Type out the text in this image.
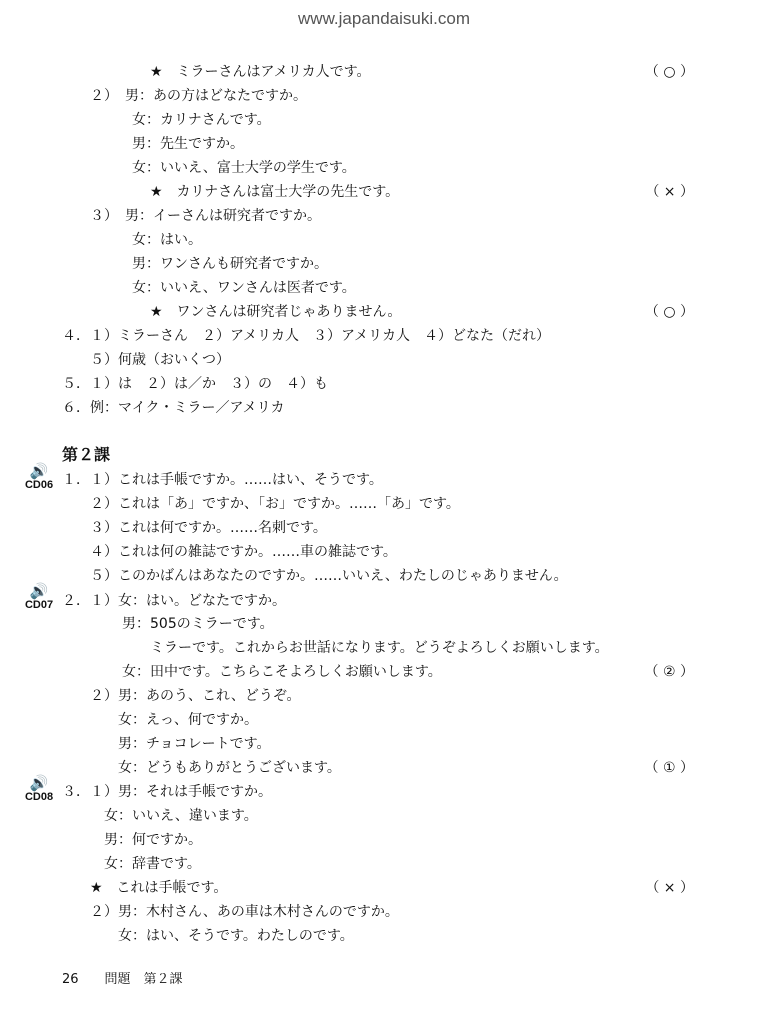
www.japandaisuki.com
　　★　ミラーさんはアメリカ人です。
２）　男：あの方はどなたですか。
　　　女：カリナさんです。
　　　男：先生ですか。
　　　女：いいえ、富士大学の学生です。
　　★　カリナさんは富士大学の先生です。
３）　男：イーさんは研究者ですか。
　　　女：はい。
　　　男：ワンさんも研究者ですか。
　　　女：いいえ、ワンさんは医者です。
　　★　ワンさんは研究者じゃありません。
４．１）ミラーさん　２）アメリカ人　３）アメリカ人　４）どなた（だれ）
５）何歳（おいくつ）
５．１）は　２）は／か　３）の　４）も
６．例：マイク・ミラー／アメリカ
１．１）これは手帳ですか。……はい、そうです。
２）これは「あ」ですか、「お」ですか。……「あ」です。
３）これは何ですか。……名刺です。
４）これは何の雑誌ですか。……車の雑誌です。
５）このかばんはあなたのですか。……いいえ、わたしのじゃありません。
２．１）女：はい。どなたですか。
男：505のミラーです。
　　ミラーです。これからお世話になります。どうぞよろしくお願いします。
女：田中です。こちらこそよろしくお願いします。
２）男：あのう、これ、どうぞ。
　　女：えっ、何ですか。
　　男：チョコレートです。
　　女：どうもありがとうございます。
３．１）男：それは手帳ですか。
　　　女：いいえ、違います。
　　　男：何ですか。
　　　女：辞書です。
　　★　これは手帳です。
２）男：木村さん、あの車は木村さんのですか。
　　女：はい、そうです。わたしのです。
（ ○ ）
（ × ）
（ ○ ）
（ ② ）
（ ① ）
（ × ）
第２課
🔊
CD06
🔊
CD07
🔊
CD08
26　　問題　第２課
